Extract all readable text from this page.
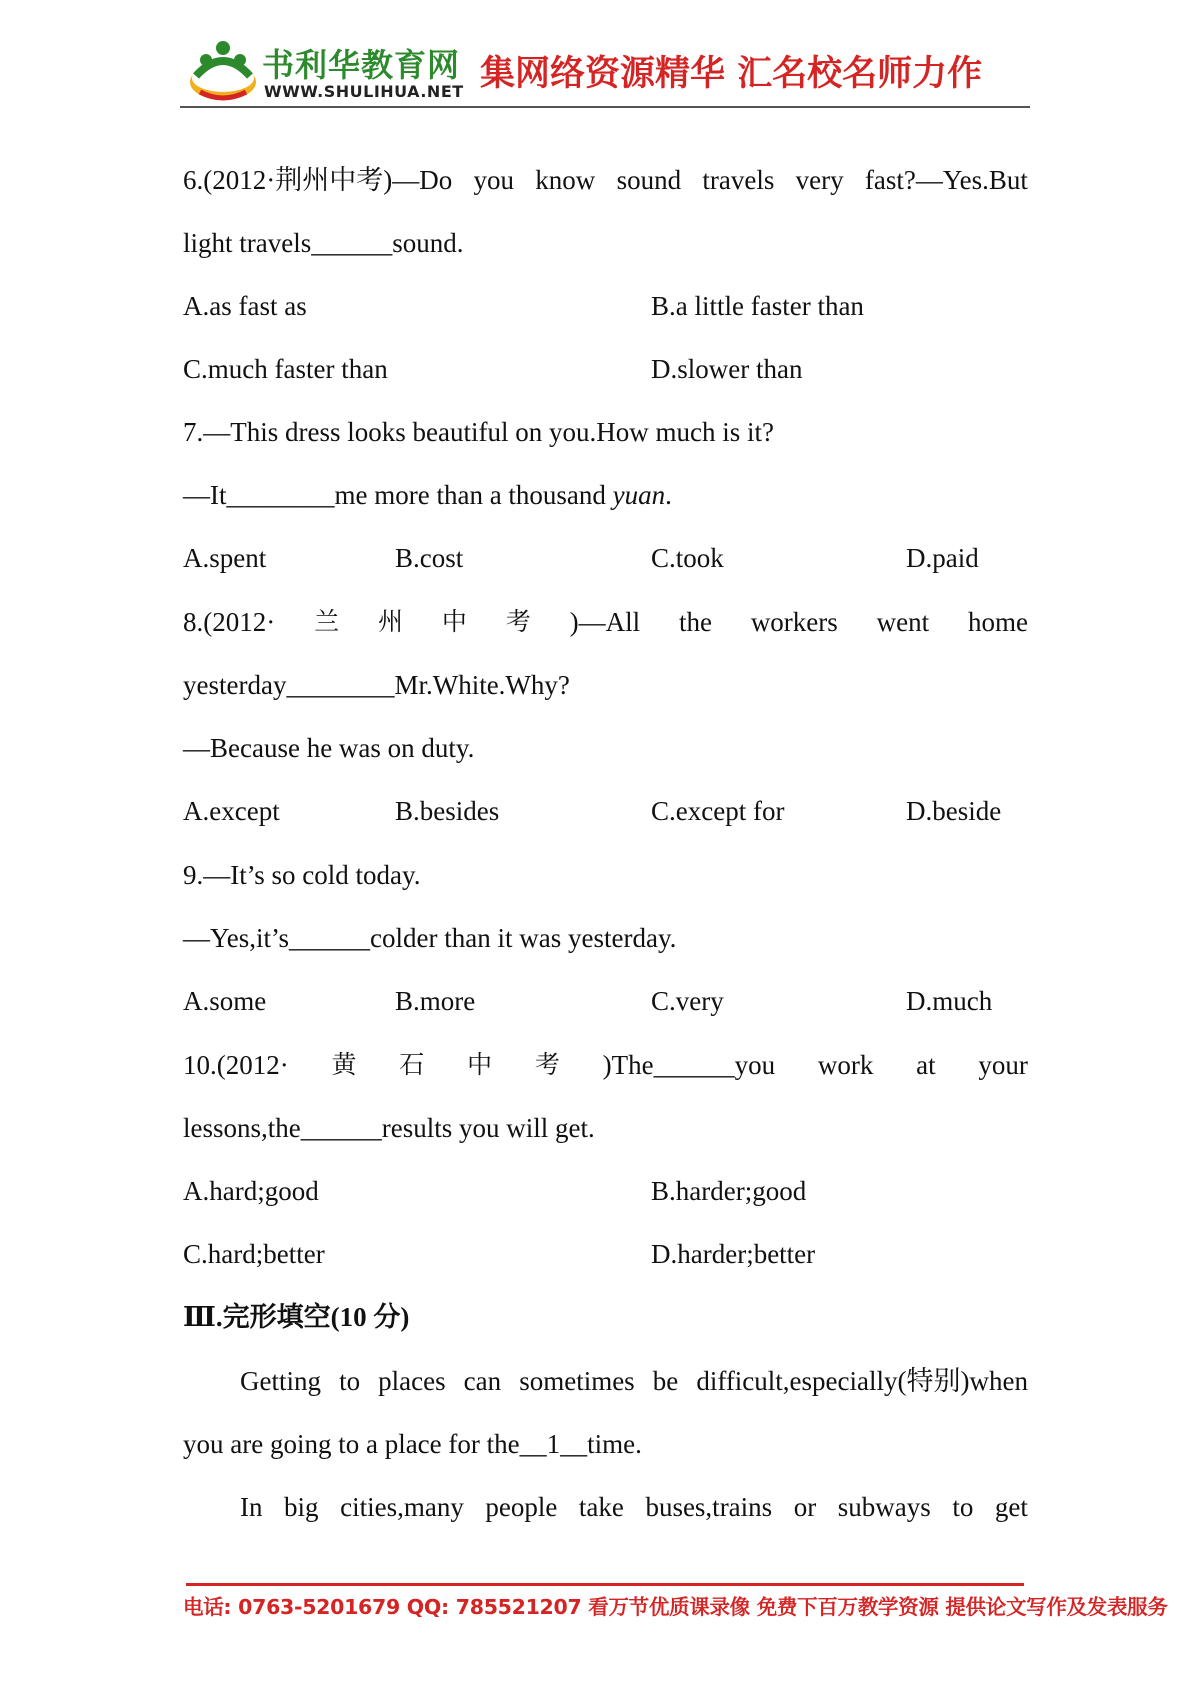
书利华教育网
WWW.SHULIHUA.NET 集网络资源精华 汇名校名师力作
6.(2012·荆州中考)—Do you know sound travels very fast?—Yes.But
light travels______sound.
A.as fast as	B.a little faster than
C.much faster than	D.slower than
7.—This dress looks beautiful on you.How much is it?
—It________me more than a thousand yuan.
A.spent	B.cost	C.took	D.paid
8.(2012· 兰 州 中 考 )—All the workers went home
yesterday________Mr.White.Why?
—Because he was on duty.
A.except	B.besides	C.except for	D.beside
9.—It’s so cold today.
—Yes,it’s______colder than it was yesterday.
A.some	B.more	C.very	D.much
10.(2012· 黄 石 中 考 )The______you work at your
lessons,the______results you will get.
A.hard;good	B.harder;good
C.hard;better	D.harder;better
Ⅲ.完形填空(10 分)
Getting to places can sometimes be difficult,especially(特别)when
you are going to a place for the__1__time.
In big cities,many people take buses,trains or subways to get
电话: 0763-5201679 QQ: 785521207 看万节优质课录像 免费下百万教学资源 提供论文写作及发表服务
